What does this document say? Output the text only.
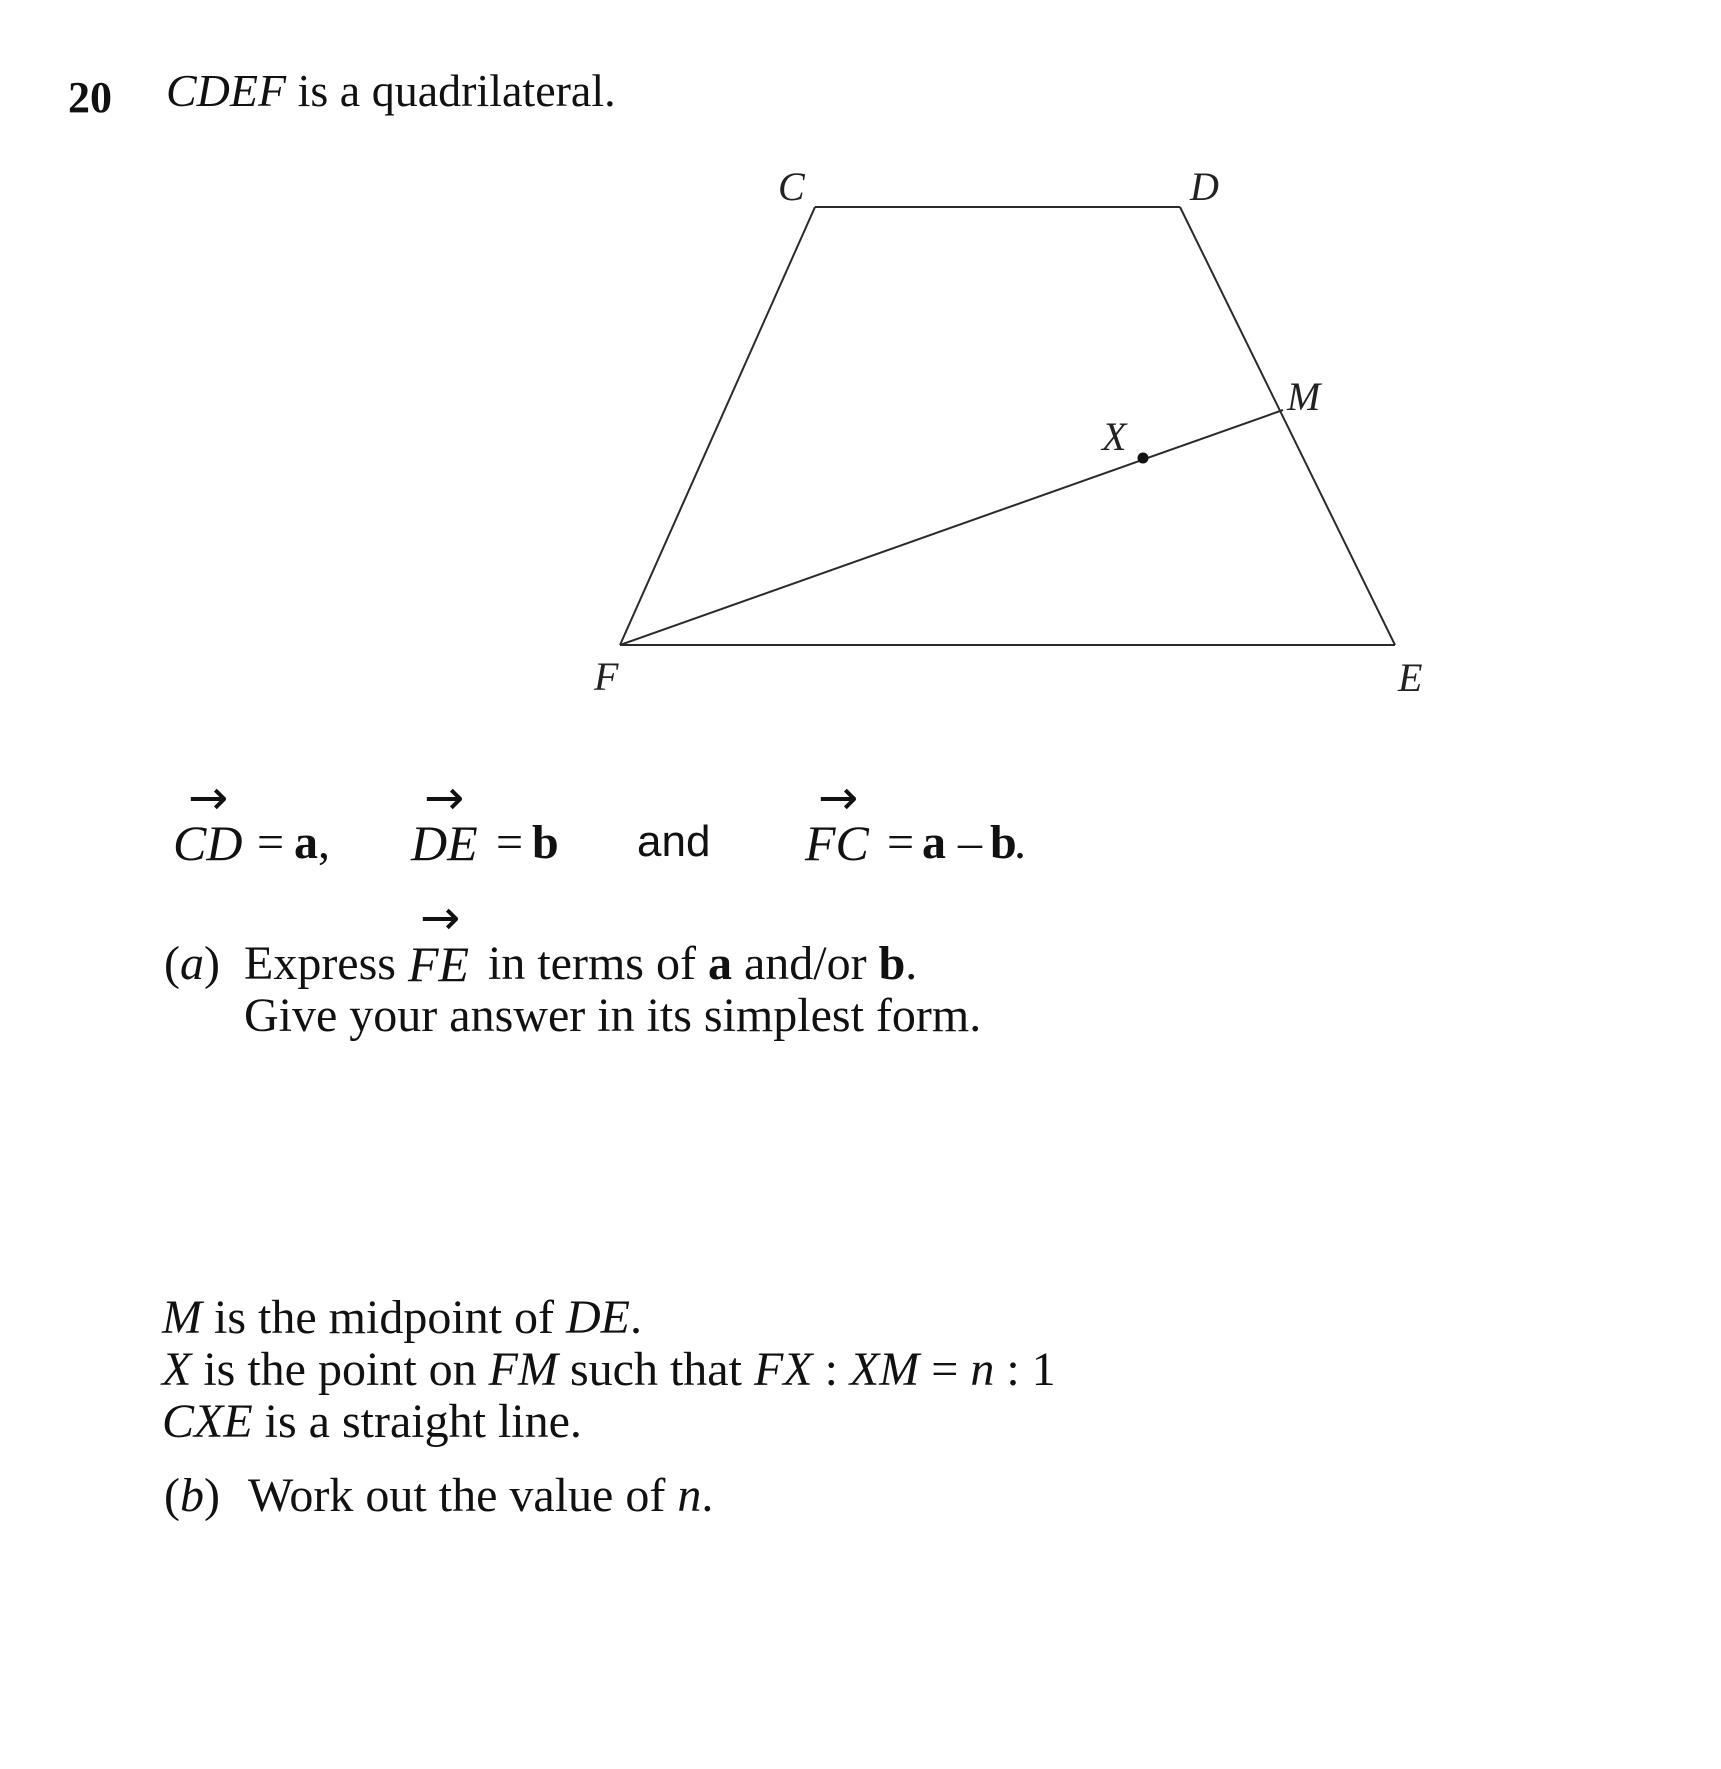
20 CDEF is a quadrilateral.
C	D
E
F
M
X
→
CD = a ,
→
DE = b and
→
FC = a – b
.
(a) Express
→
FE in terms of a and/or b.
Give your answer in its simplest form.
M is the midpoint of DE.
X is the point on FM such that FX : XM = n : 1
CXE is a straight line.
(b) Work out the value of n.
